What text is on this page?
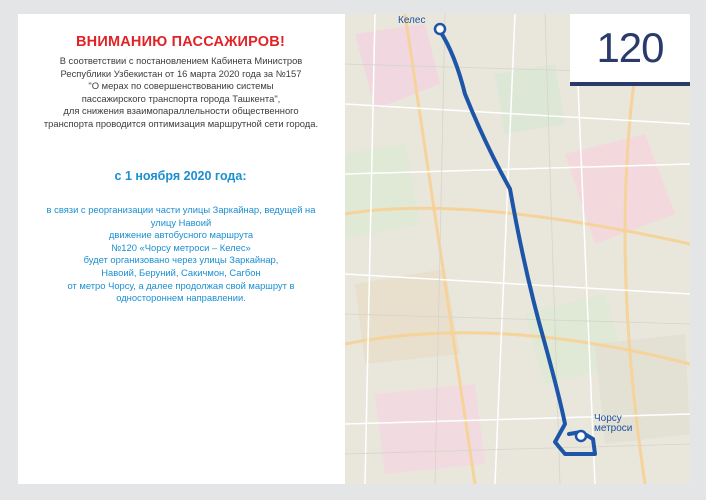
ВНИМАНИЮ ПАССАЖИРОВ!
В соответствии с постановлением Кабинета Министров
Республики Узбекистан от 16 марта 2020 года за №157
"О мерах по совершенствованию системы
пассажирского транспорта города Ташкента",
для снижения взаимопараллельности общественного
транспорта проводится оптимизация маршрутной сети города.
с 1 ноября 2020 года:
в связи с реорганизации части улицы Заркайнар, ведущей на
улицу Навоий
движение автобусного маршрута
№120 «Чорсу метроси – Келес»
будет организовано через улицы Заркайнар,
Навоий, Беруний, Сакичмон, Сагбон
от метро Чорсу, а далее продолжая свой маршрут в
одностороннем направлении.
Келес
Чорсу
метроси
120
